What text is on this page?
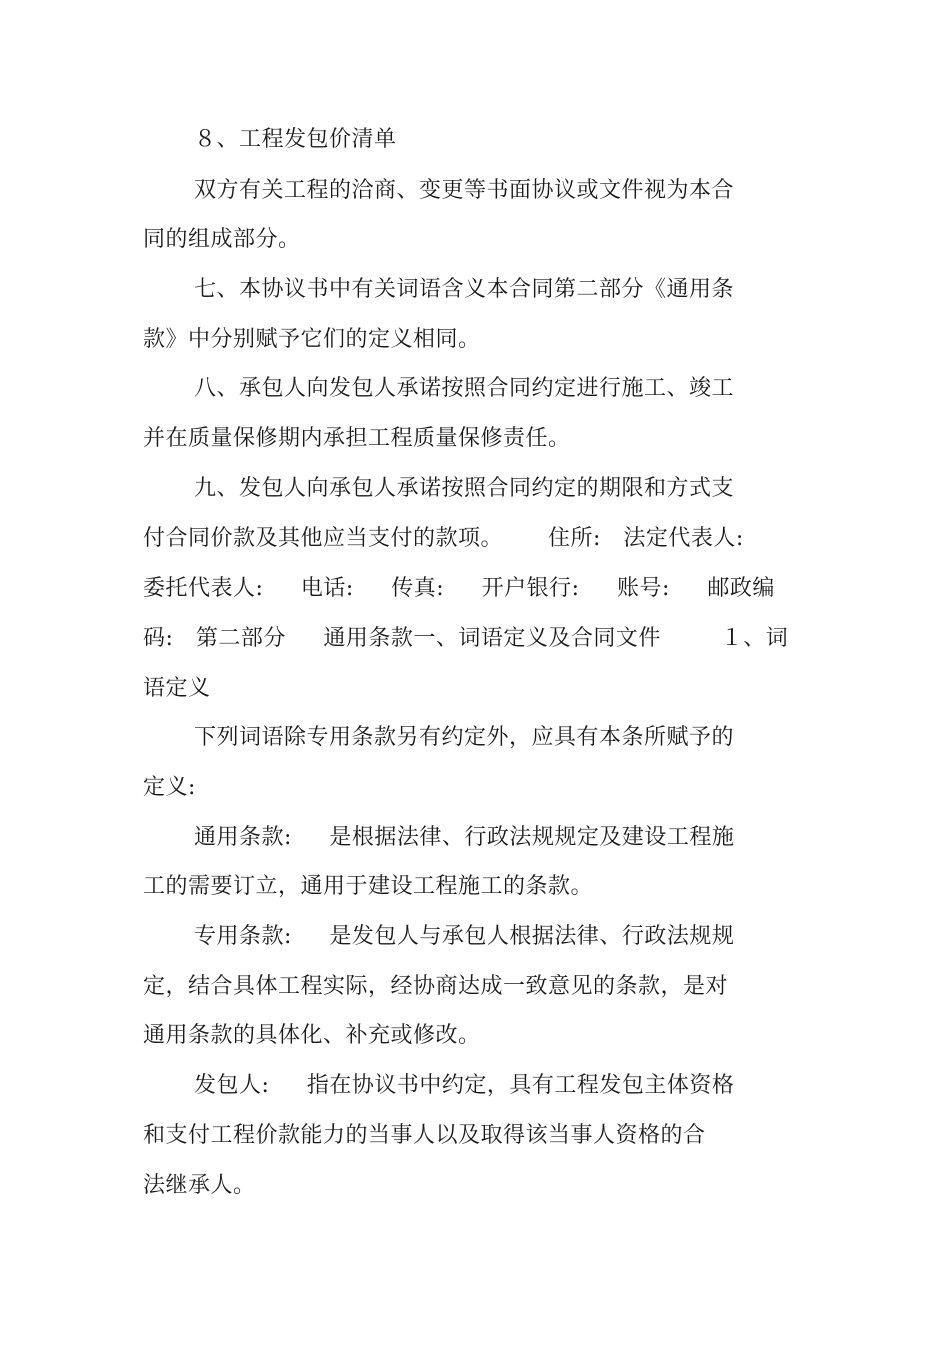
８、工程发包价清单
双方有关工程的洽商、变更等书面协议或文件视为本合
同的组成部分。
七、本协议书中有关词语含义本合同第二部分《通用条
款》中分别赋予它们的定义相同。
八、承包人向发包人承诺按照合同约定进行施工、竣工
并在质量保修期内承担工程质量保修责任。
九、发包人向承包人承诺按照合同约定的期限和方式支
付合同价款及其他应当支付的款项。      住所:   法定代表人:
委托代表人:     电话:     传真:     开户银行:     账号:     邮政编
码:   第二部分     通用条款一、词语定义及合同文件        １、词
语定义
下列词语除专用条款另有约定外，应具有本条所赋予的
定义:
通用条款:     是根据法律、行政法规规定及建设工程施
工的需要订立，通用于建设工程施工的条款。
专用条款:     是发包人与承包人根据法律、行政法规规
定，结合具体工程实际，经协商达成一致意见的条款，是对
通用条款的具体化、补充或修改。
发包人:     指在协议书中约定，具有工程发包主体资格
和支付工程价款能力的当事人以及取得该当事人资格的合
法继承人。
